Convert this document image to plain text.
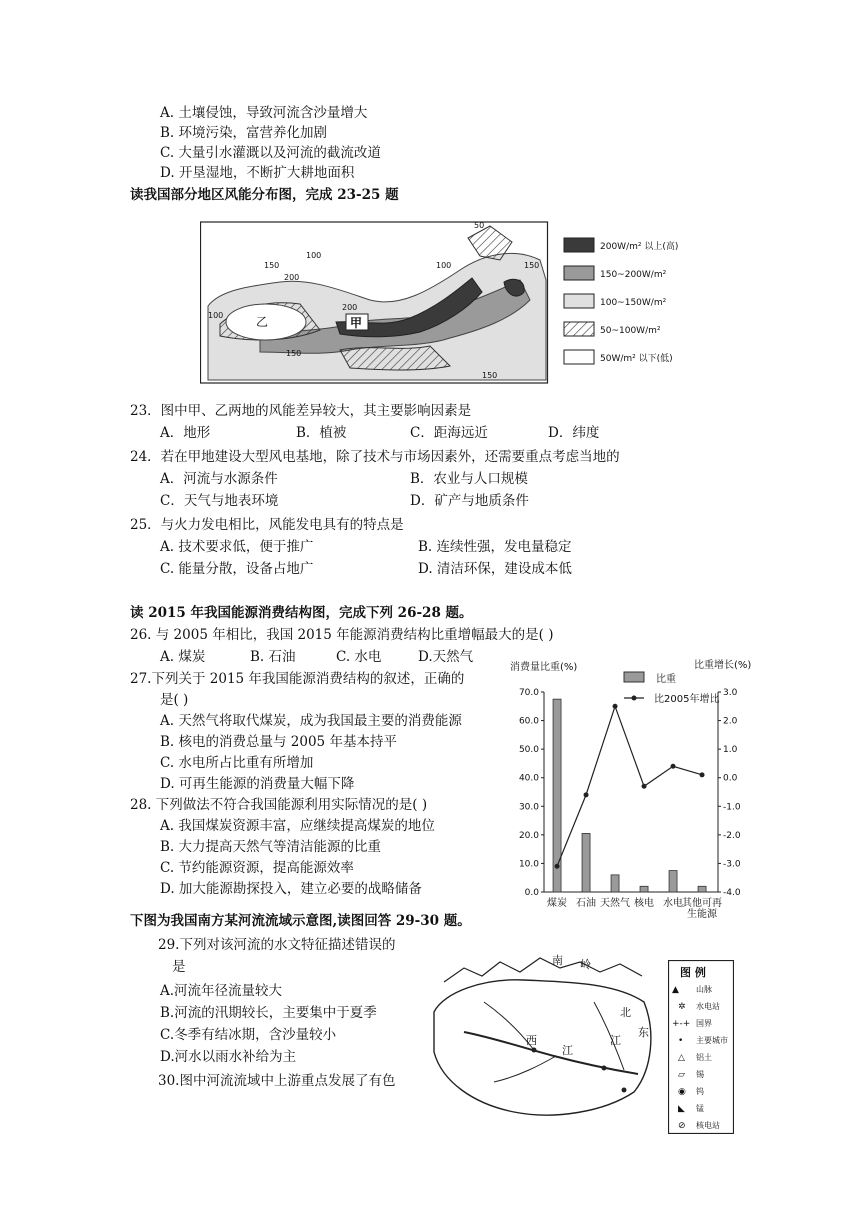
A. 土壤侵蚀，导致河流含沙量增大
B. 环境污染，富营养化加剧
C. 大量引水灌溉以及河流的截流改道
D. 开垦湿地，不断扩大耕地面积
读我国部分地区风能分布图，完成 23-25 题
甲
乙
200
150
100
50
100
200
150
100	150
150
200W/m² 以上(高)
150~200W/m²
100~150W/m²
50~100W/m²
50W/m² 以下(低)
23．图中甲、乙两地的风能差异较大，其主要影响因素是
A．地形	B．植被	C．距海远近	D．纬度
24．若在甲地建设大型风电基地，除了技术与市场因素外，还需要重点考虑当地的
A．河流与水源条件	B．农业与人口规模
C．天气与地表环境	D．矿产与地质条件
25．与火力发电相比，风能发电具有的特点是
A. 技术要求低，便于推广	B. 连续性强，发电量稳定
C. 能量分散，设备占地广	D. 清洁环保，建设成本低
读 2015 年我国能源消费结构图，完成下列 26-28 题。
26. 与 2005 年相比，我国 2015 年能源消费结构比重增幅最大的是( )
A. 煤炭	B. 石油	C. 水电	D.天然气
27.下列关于 2015 年我国能源消费结构的叙述，正确的
是( )
A. 天然气将取代煤炭，成为我国最主要的消费能源
B. 核电的消费总量与 2005 年基本持平
C. 水电所占比重有所增加
D. 可再生能源的消费量大幅下降
28. 下列做法不符合我国能源利用实际情况的是( )
A. 我国煤炭资源丰富，应继续提高煤炭的地位
B. 大力提高天然气等清洁能源的比重
C. 节约能源资源，提高能源效率
D. 加大能源勘探投入，建立必要的战略储备
消费量比重(%)	比重增长(%)
比重
比2005年增比
0.0
10.0
20.0
30.0
40.0
50.0
60.0
70.0
-4.0
-3.0
-2.0
-1.0
0.0
1.0
2.0
3.0
煤炭 石油 天然气 核电 水电 其他可再
生能源
下图为我国南方某河流流域示意图,读图回答 29-30 题。
29.下列对该河流的水文特征描述错误的
是
A.河流年径流量较大
B.河流的汛期较长，主要集中于夏季
C.冬季有结冰期，含沙量较小
D.河水以雨水补给为主
30.图中河流流域中上游重点发展了有色
南 岭
西
江
江
北
东
图 例
▲ 山脉
✲ 水电站
+-+ 国界
• 主要城市
△ 铝土
▱ 锡
◉ 钨
◣ 锰
⊘ 核电站
